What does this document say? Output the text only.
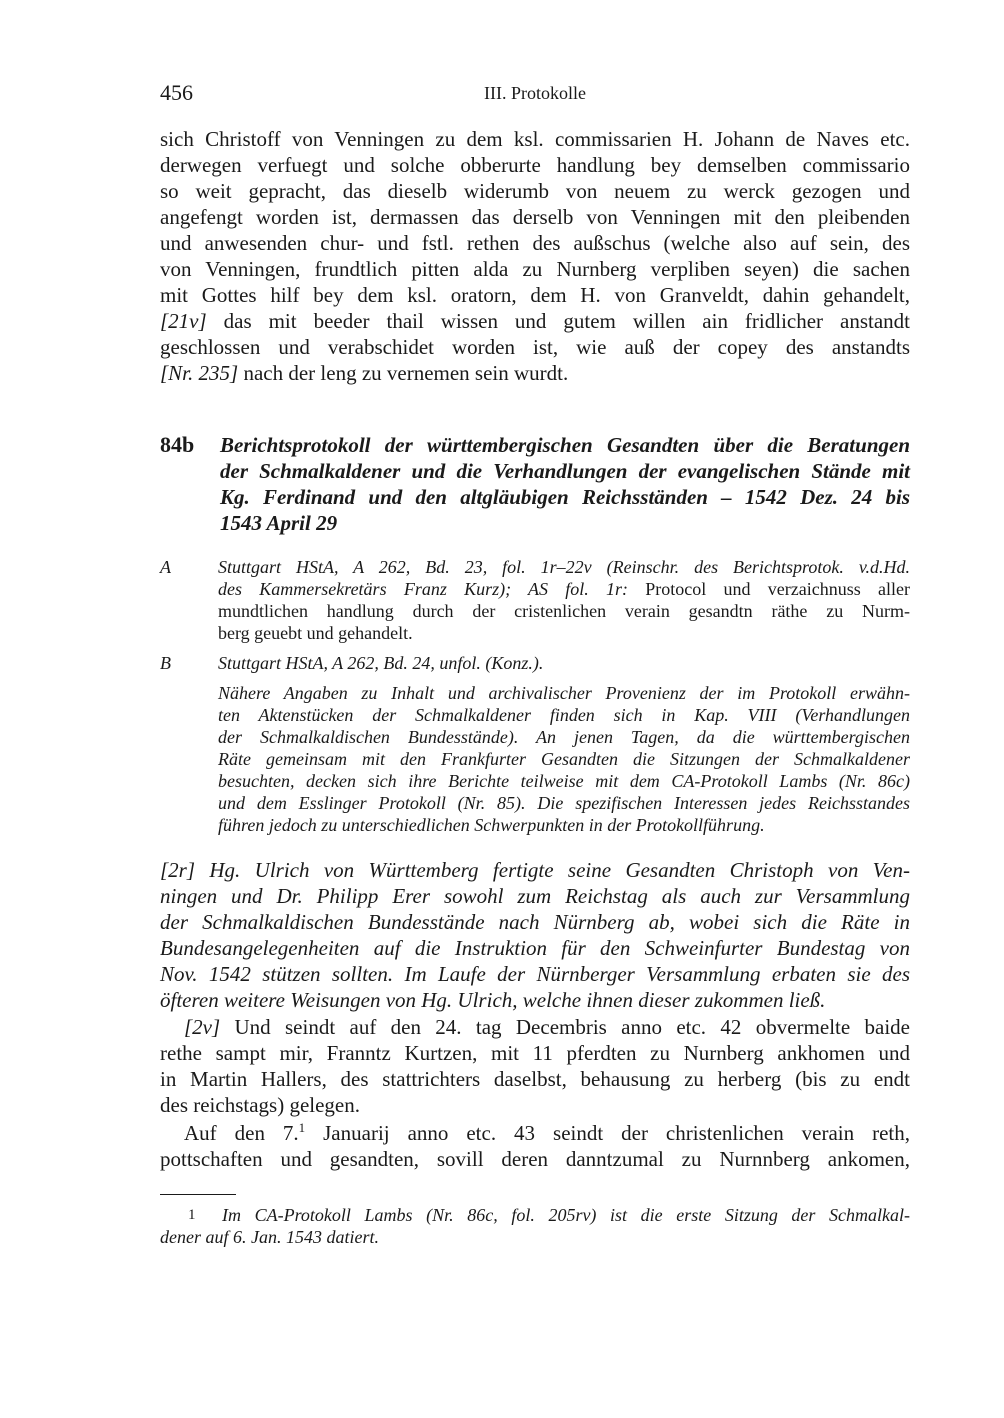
456	III. Protokolle
sich Christoff von Venningen zu dem ksl. commissarien H. Johann de Naves etc.
derwegen verfuegt und solche obberurte handlung bey demselben commissario
so weit gepracht, das dieselb widerumb von neuem zu werck gezogen und
angefengt worden ist, dermassen das derselb von Venningen mit den pleibenden
und anwesenden chur- und fstl. rethen des außschus (welche also auf sein, des
von Venningen, frundtlich pitten alda zu Nurnberg verpliben seyen) die sachen
mit Gottes hilf bey dem ksl. oratorn, dem H. von Granveldt, dahin gehandelt,
[21v] das mit beeder thail wissen und gutem willen ain fridlicher anstandt
geschlossen und verabschidet worden ist, wie auß der copey des anstandts
[Nr. 235] nach der leng zu vernemen sein wurdt.
84b Berichtsprotokoll der württembergischen Gesandten über die Beratungen
der Schmalkaldener und die Verhandlungen der evangelischen Stände mit
Kg. Ferdinand und den altgläubigen Reichsständen – 1542 Dez. 24 bis
1543 April 29
A	Stuttgart HStA, A 262, Bd. 23, fol. 1r–22v (Reinschr. des Berichtsprotok. v.d.Hd.
des Kammersekretärs Franz Kurz); AS fol. 1r: Protocol und verzaichnuss aller
mundtlichen handlung durch der cristenlichen verain gesandtn räthe zu Nurm-
berg geuebt und gehandelt.
B	Stuttgart HStA, A 262, Bd. 24, unfol. (Konz.).
Nähere Angaben zu Inhalt und archivalischer Provenienz der im Protokoll erwähn-
ten Aktenstücken der Schmalkaldener finden sich in Kap. VIII (Verhandlungen
der Schmalkaldischen Bundesstände). An jenen Tagen, da die württembergischen
Räte gemeinsam mit den Frankfurter Gesandten die Sitzungen der Schmalkaldener
besuchten, decken sich ihre Berichte teilweise mit dem CA-Protokoll Lambs (Nr. 86c)
und dem Esslinger Protokoll (Nr. 85). Die spezifischen Interessen jedes Reichsstandes
führen jedoch zu unterschiedlichen Schwerpunkten in der Protokollführung.
[2r] Hg. Ulrich von Württemberg fertigte seine Gesandten Christoph von Ven-
ningen und Dr. Philipp Erer sowohl zum Reichstag als auch zur Versammlung
der Schmalkaldischen Bundesstände nach Nürnberg ab, wobei sich die Räte in
Bundesangelegenheiten auf die Instruktion für den Schweinfurter Bundestag von
Nov. 1542 stützen sollten. Im Laufe der Nürnberger Versammlung erbaten sie des
öfteren weitere Weisungen von Hg. Ulrich, welche ihnen dieser zukommen ließ.
[2v] Und seindt auf den 24. tag Decembris anno etc. 42 obvermelte baide
rethe sampt mir, Franntz Kurtzen, mit 11 pferdten zu Nurnberg ankhomen und
in Martin Hallers, des stattrichters daselbst, behausung zu herberg (bis zu endt
des reichstags) gelegen.
Auf den 7.$^1$ Januarij anno etc. 43 seindt der christenlichen verain reth,
pottschaften und gesandten, sovill deren danntzumal zu Nurnnberg ankomen,
1	Im CA-Protokoll Lambs (Nr. 86c, fol. 205rv) ist die erste Sitzung der Schmalkal-
dener auf 6. Jan. 1543 datiert.
